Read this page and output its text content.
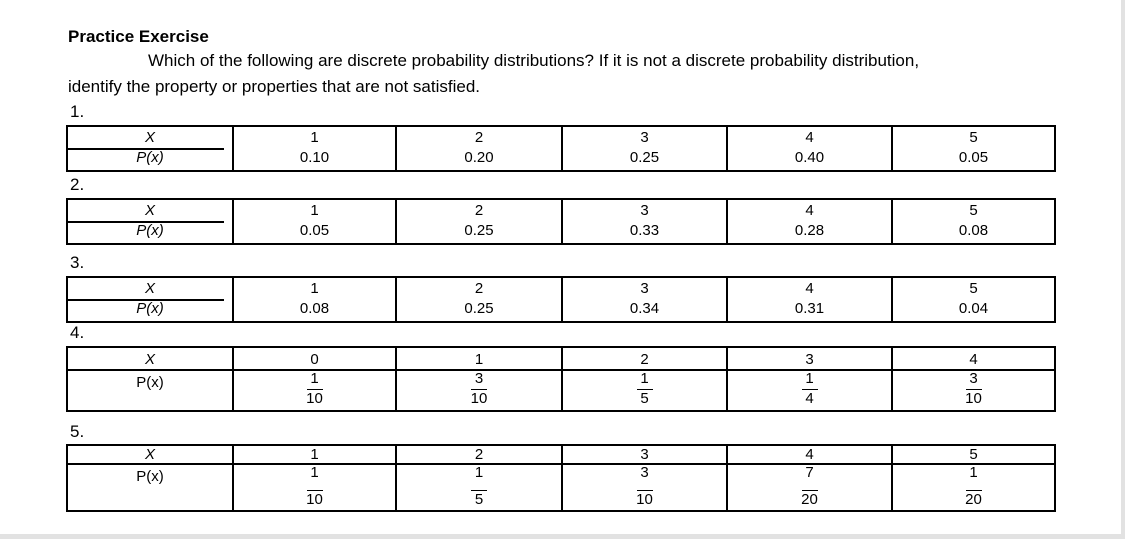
Practice Exercise
Which of the following are discrete probability distributions? If it is not a discrete probability distribution,
identify the property or properties that are not satisfied.
1.
X
P(x)
1
0.10
2
0.20
3
0.25
4
0.40
5
0.05
2.
X
P(x)
1
0.05
2
0.25
3
0.33
4
0.28
5
0.08
3.
X
P(x)
1
0.08
2
0.25
3
0.34
4
0.31
5
0.04
4.
X
P(x)
0
1
10
1
3
10
2
1
5
3
1
4
4
3
10
5.
X
P(x)
1
1
10
2
1
5
3
3
10
4
7
20
5
1
20
